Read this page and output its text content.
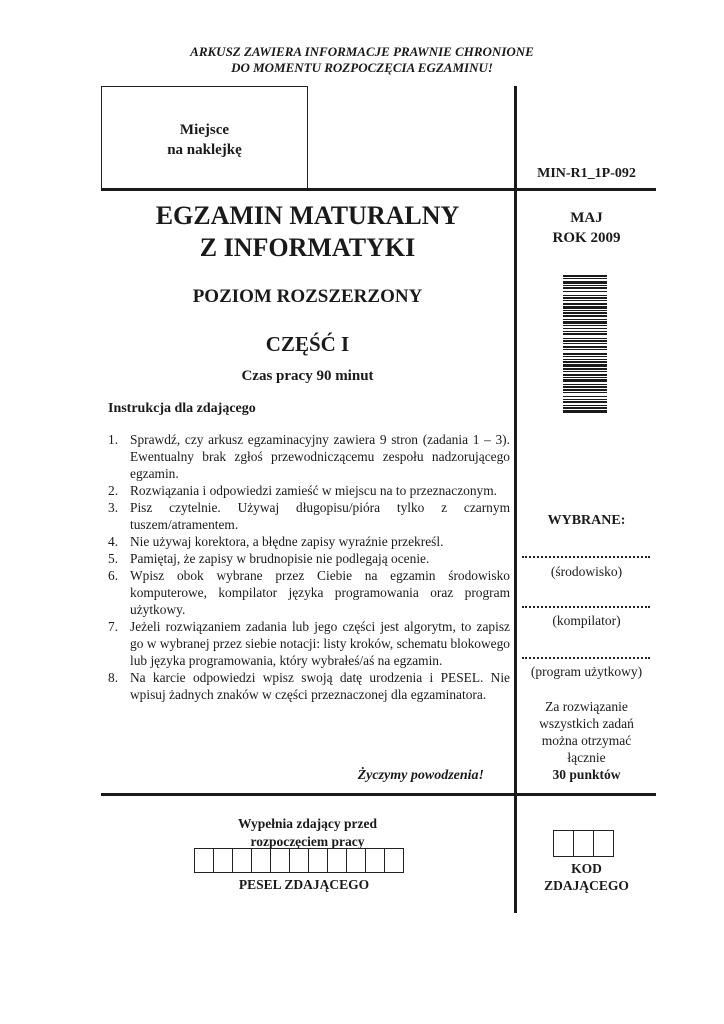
ARKUSZ ZAWIERA INFORMACJE PRAWNIE CHRONIONE
DO MOMENTU ROZPOCZĘCIA EGZAMINU!
Miejsce
na naklejkę
MIN-R1_1P-092
EGZAMIN MATURALNY
Z INFORMATYKI
POZIOM ROZSZERZONY
CZĘŚĆ I
Czas pracy 90 minut
MAJ
ROK 2009
Instrukcja dla zdającego
1. Sprawdź, czy arkusz egzaminacyjny zawiera 9 stron (zadania 1 – 3). Ewentualny brak zgłoś przewodniczącemu zespołu nadzorującego egzamin.
2. Rozwiązania i odpowiedzi zamieść w miejscu na to przeznaczonym.
3. Pisz czytelnie. Używaj długopisu/pióra tylko z czarnym tuszem/atramentem.
4. Nie używaj korektora, a błędne zapisy wyraźnie przekreśl.
5. Pamiętaj, że zapisy w brudnopisie nie podlegają ocenie.
6. Wpisz obok wybrane przez Ciebie na egzamin środowisko komputerowe, kompilator języka programowania oraz program użytkowy.
7. Jeżeli rozwiązaniem zadania lub jego części jest algorytm, to zapisz go w wybranej przez siebie notacji: listy kroków, schematu blokowego lub języka programowania, który wybrałeś/aś na egzamin.
8. Na karcie odpowiedzi wpisz swoją datę urodzenia i PESEL. Nie wpisuj żadnych znaków w części przeznaczonej dla egzaminatora.
Życzymy powodzenia!
WYBRANE:
(środowisko)
(kompilator)
(program użytkowy)
Za rozwiązanie
wszystkich zadań
można otrzymać
łącznie
30 punktów
Wypełnia zdający przed
rozpoczęciem pracy
PESEL ZDAJĄCEGO
KOD
ZDAJĄCEGO
